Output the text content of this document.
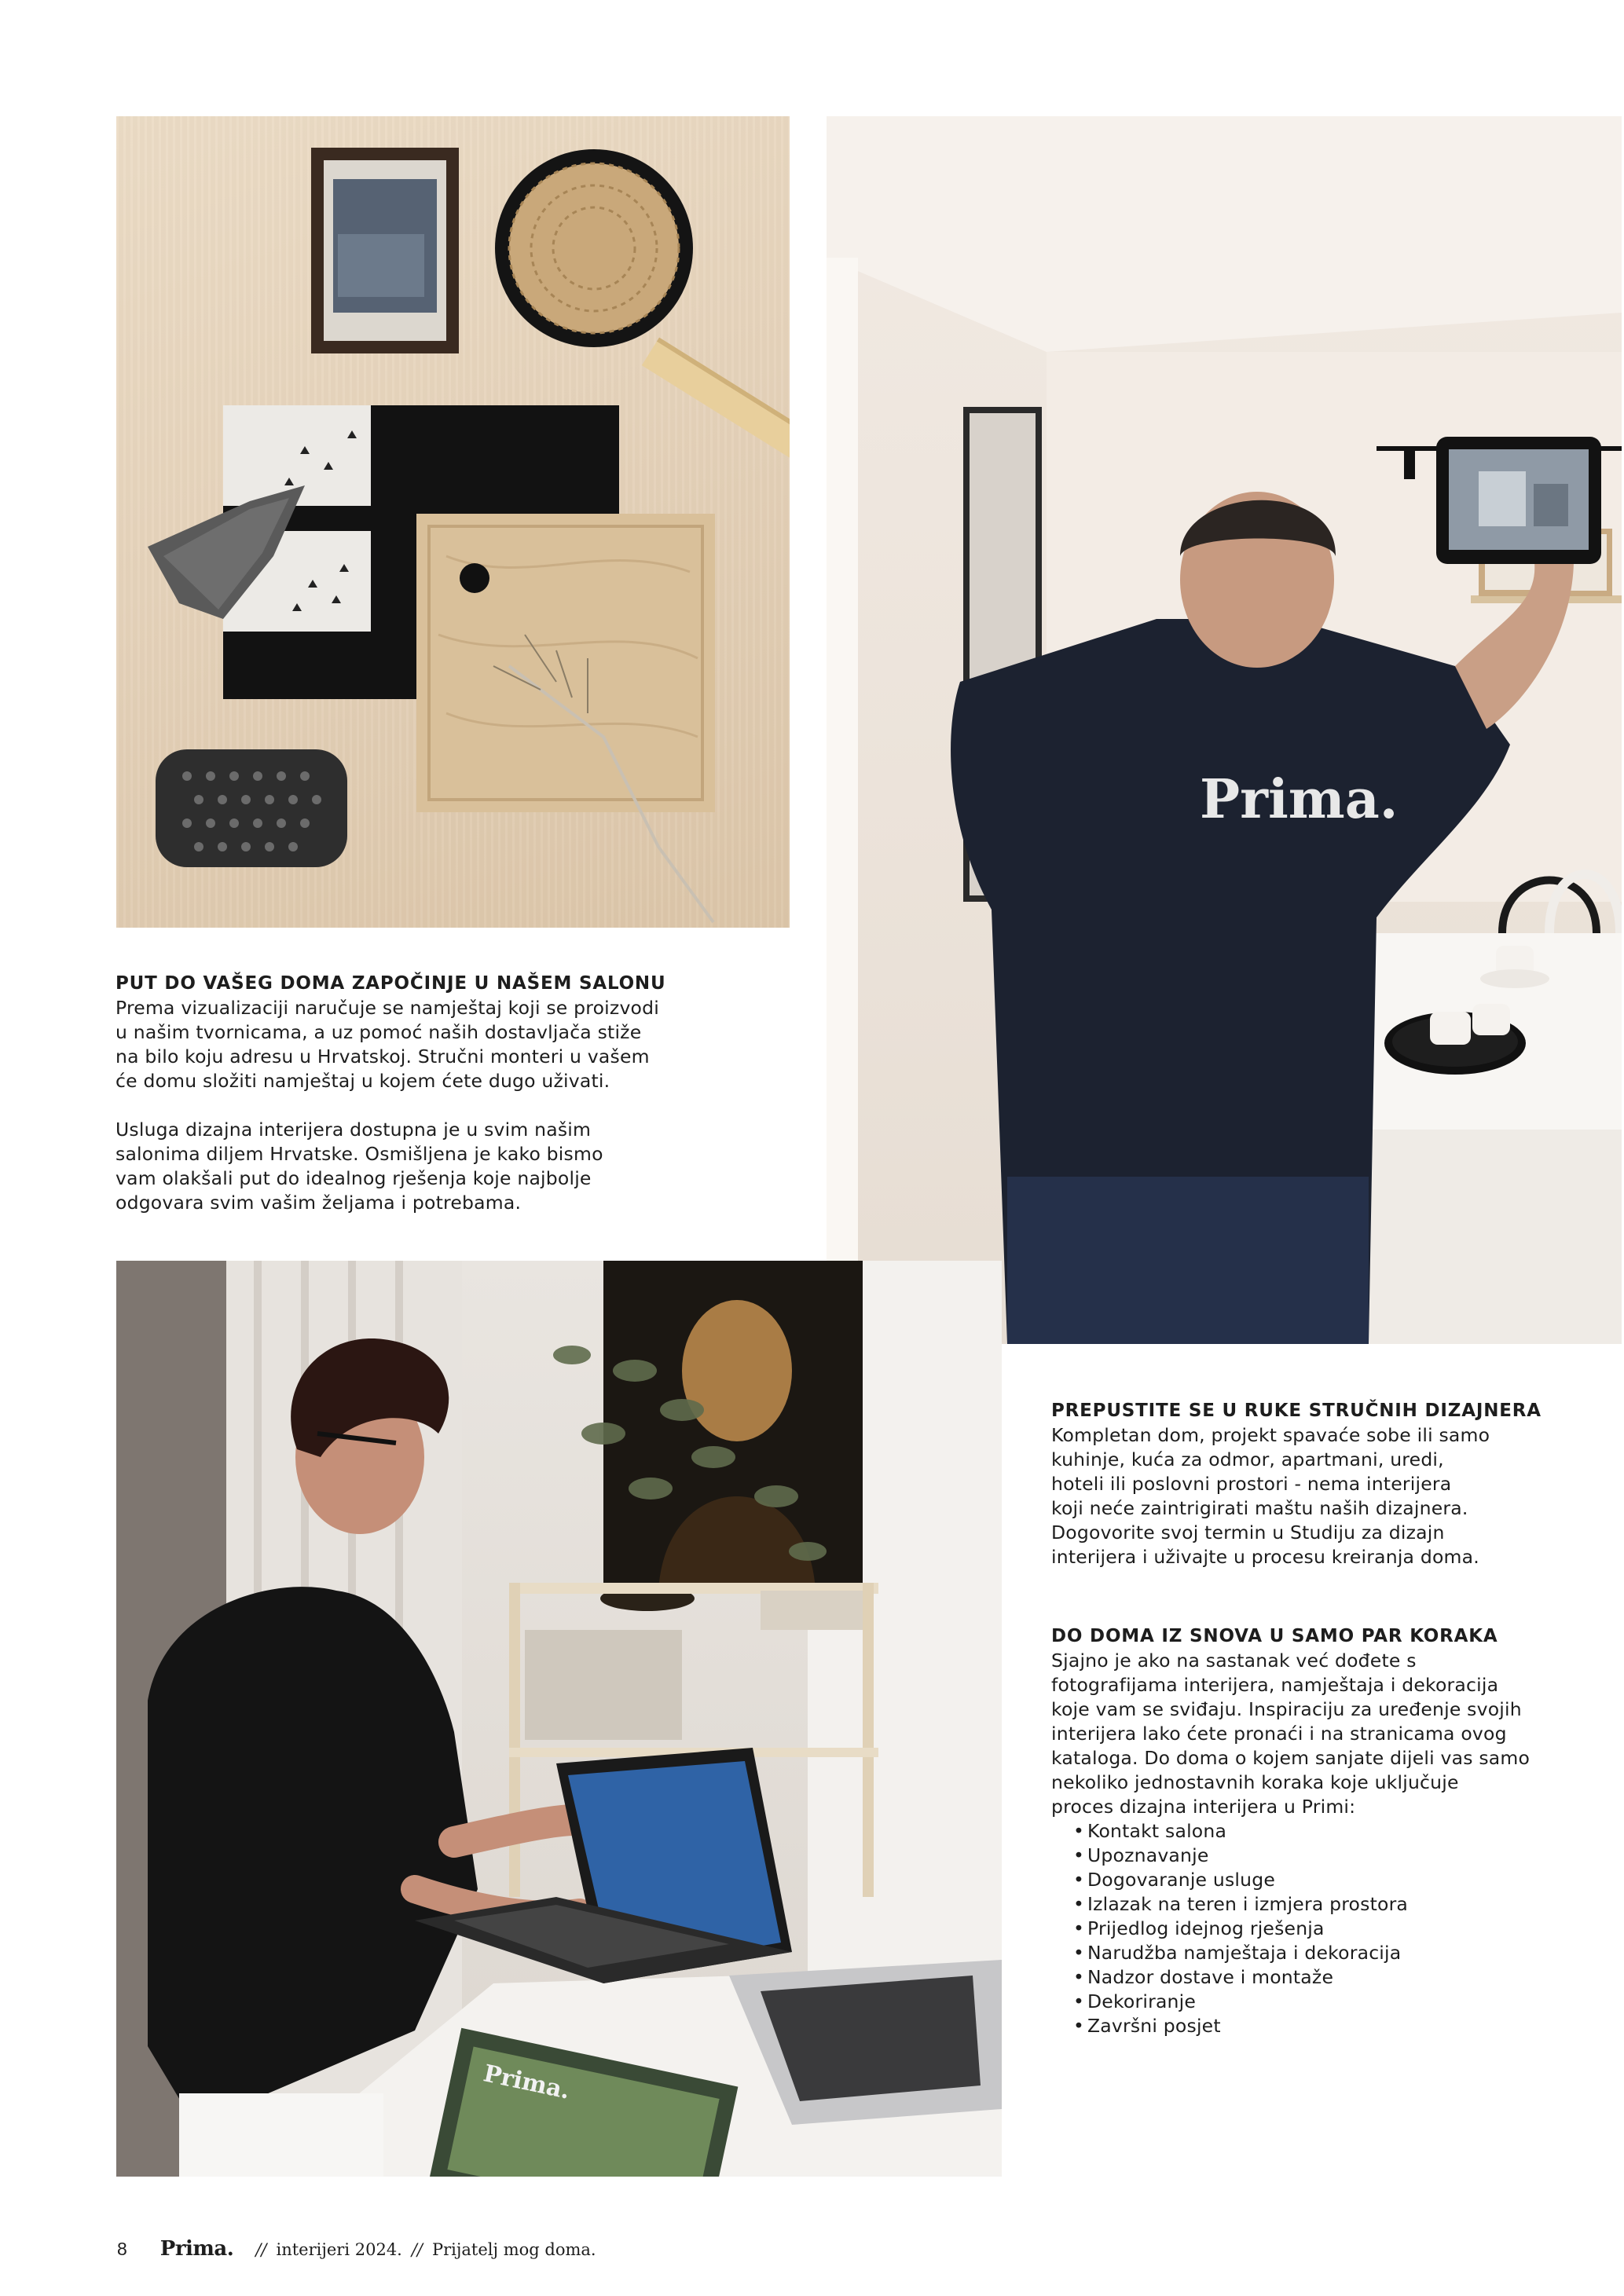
Prima.
PUT DO VAŠEG DOMA ZAPOČINJE U NAŠEM SALONU

Prema vizualizaciji naručuje se namještaj koji se proizvodi
u našim tvornicama, a uz pomoć naših dostavljača stiže
na bilo koju adresu u Hrvatskoj. Stručni monteri u vašem
će domu složiti namještaj u kojem ćete dugo uživati.

Usluga dizajna interijera dostupna je u svim našim
salonima diljem Hrvatske. Osmišljena je kako bismo
vam olakšali put do idealnog rješenja koje najbolje
odgovara svim vašim željama i potrebama.

Prima.
PREPUSTITE SE U RUKE STRUČNIH DIZAJNERA

Kompletan dom, projekt spavaće sobe ili samo
kuhinje, kuća za odmor, apartmani, uredi,
hoteli ili poslovni prostori - nema interijera
koji neće zaintrigirati maštu naših dizajnera.
Dogovorite svoj termin u Studiju za dizajn
interijera i uživajte u procesu kreiranja doma.

DO DOMA IZ SNOVA U SAMO PAR KORAKA

Sjajno je ako na sastanak već dođete s
fotografijama interijera, namještaja i dekoracija
koje vam se sviđaju. Inspiraciju za uređenje svojih
interijera lako ćete pronaći i na stranicama ovog
kataloga. Do doma o kojem sanjate dijeli vas samo
nekoliko jednostavnih koraka koje uključuje
proces dizajna interijera u Primi:

• Kontakt salona
• Upoznavanje
• Dogovaranje usluge
• Izlazak na teren i izmjera prostora
• Prijedlog idejnog rješenja
• Narudžba namještaja i dekoracija
• Nadzor dostave i montaže
• Dekoriranje
• Završni posjet
8 Prima. // interijeri 2024. // Prijatelj mog doma.
